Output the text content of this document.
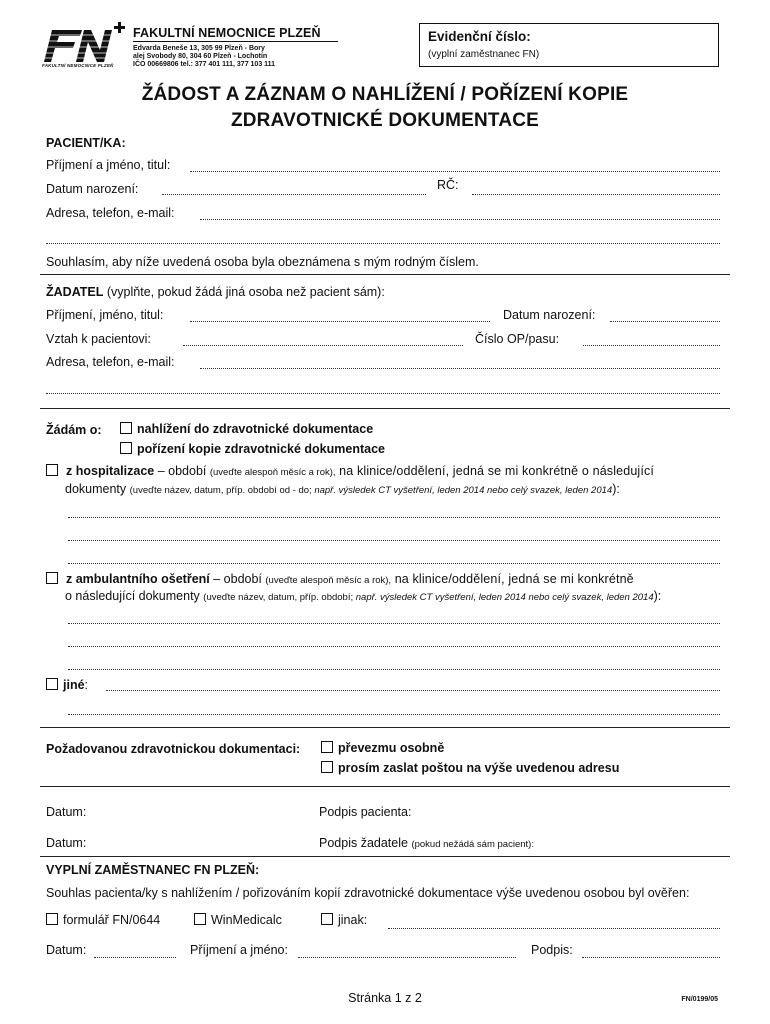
FAKULTNÍ NEMOCNICE PLZEŇ
FAKULTNÍ NEMOCNICE PLZEŇ
Edvarda Beneše 13, 305 99 Plzeň - Bory
alej Svobody 80, 304 60 Plzeň - Lochotín
IČO 00669806 tel.: 377 401 111, 377 103 111
Evidenční číslo:
(vyplní zaměstnanec FN)
ŽÁDOST A ZÁZNAM O NAHLÍŽENÍ / POŘÍZENÍ KOPIE
ZDRAVOTNICKÉ DOKUMENTACE
PACIENT/KA:
Příjmení a jméno, titul:
Datum narození:	RČ:
Adresa, telefon, e-mail:
Souhlasím, aby níže uvedená osoba byla obeznámena s mým rodným číslem.
ŽADATEL (vyplňte, pokud žádá jiná osoba než pacient sám):
Příjmení, jméno, titul:	Datum narození:
Vztah k pacientovi:	Číslo OP/pasu:
Adresa, telefon, e-mail:
Žádám o:	nahlížení do zdravotnické dokumentace
pořízení kopie zdravotnické dokumentace
z hospitalizace – období (uveďte alespoň měsíc a rok), na klinice/oddělení, jedná se mi konkrétně o následující
dokumenty (uveďte název, datum, příp. období od - do; např. výsledek CT vyšetření, leden 2014 nebo celý svazek, leden 2014):
z ambulantního ošetření – období (uveďte alespoň měsíc a rok), na klinice/oddělení, jedná se mi konkrétně
o následující dokumenty (uveďte název, datum, příp. období; např. výsledek CT vyšetření, leden 2014 nebo celý svazek, leden 2014):
jiné:
Požadovanou zdravotnickou dokumentaci:	převezmu osobně
prosím zaslat poštou na výše uvedenou adresu
Datum:	Podpis pacienta:
Datum:	Podpis žadatele (pokud nežádá sám pacient):
VYPLNÍ ZAMĚSTNANEC FN PLZEŇ:
Souhlas pacienta/ky s nahlížením / pořizováním kopií zdravotnické dokumentace výše uvedenou osobou byl ověřen:
formulář FN/0644	WinMedicalc	jinak:
Datum:	Příjmení a jméno:	Podpis:
Stránka 1 z 2	FN/0199/05
